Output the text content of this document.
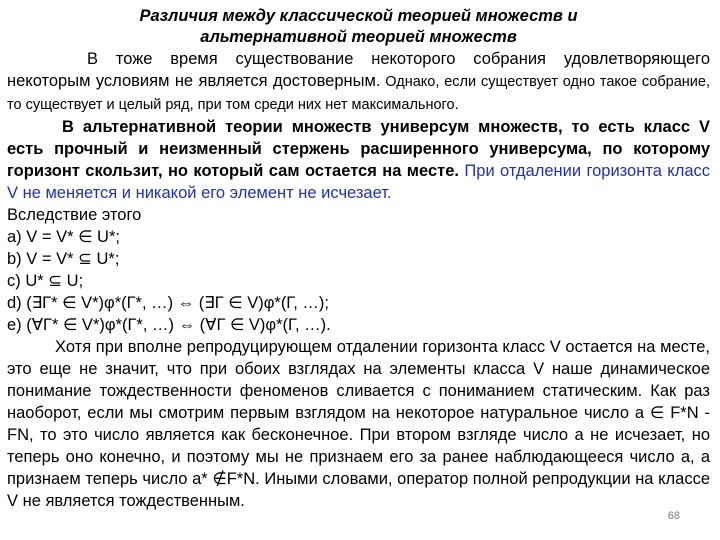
Различия между классической теорией множеств и
альтернативной теорией множеств

В тоже время существование некоторого собрания удовлетворяющего некоторым условиям не является достоверным. Однако, если существует одно такое собрание, то существует и целый ряд, при том среди них нет максимального.

В альтернативной теории множеств универсум множеств, то есть класс V есть прочный и неизменный стержень расширенного универсума, по которому горизонт скользит, но который сам остается на месте. При отдалении горизонта класс V не меняется и никакой его элемент не исчезает.

Вследствие этого

a) V = V* ∈ U*;
b) V = V* ⊆ U*;
c) U* ⊆ U;
d) (∃Г* ∈ V*)φ*(Г*, …) ⇔ (∃Г ∈ V)φ*(Г, …);
e) (∀Г* ∈ V*)φ*(Г*, …) ⇔ (∀Г ∈ V)φ*(Г, …).

Хотя при вполне репродуцирующем отдалении горизонта класс V остается на месте, это еще не значит, что при обоих взглядах на элементы класса V наше динамическое понимание тождественности феноменов сливается с пониманием статическим. Как раз наоборот, если мы смотрим первым взглядом на некоторое натуральное число a ∈ F*N - FN, то это число является как бесконечное. При втором взгляде число a не исчезает, но теперь оно конечно, и поэтому мы не признаем его за ранее наблюдающееся число a, а признаем теперь число a* ∉F*N. Иными словами, оператор полной репродукции на классе V не является тождественным.

68
